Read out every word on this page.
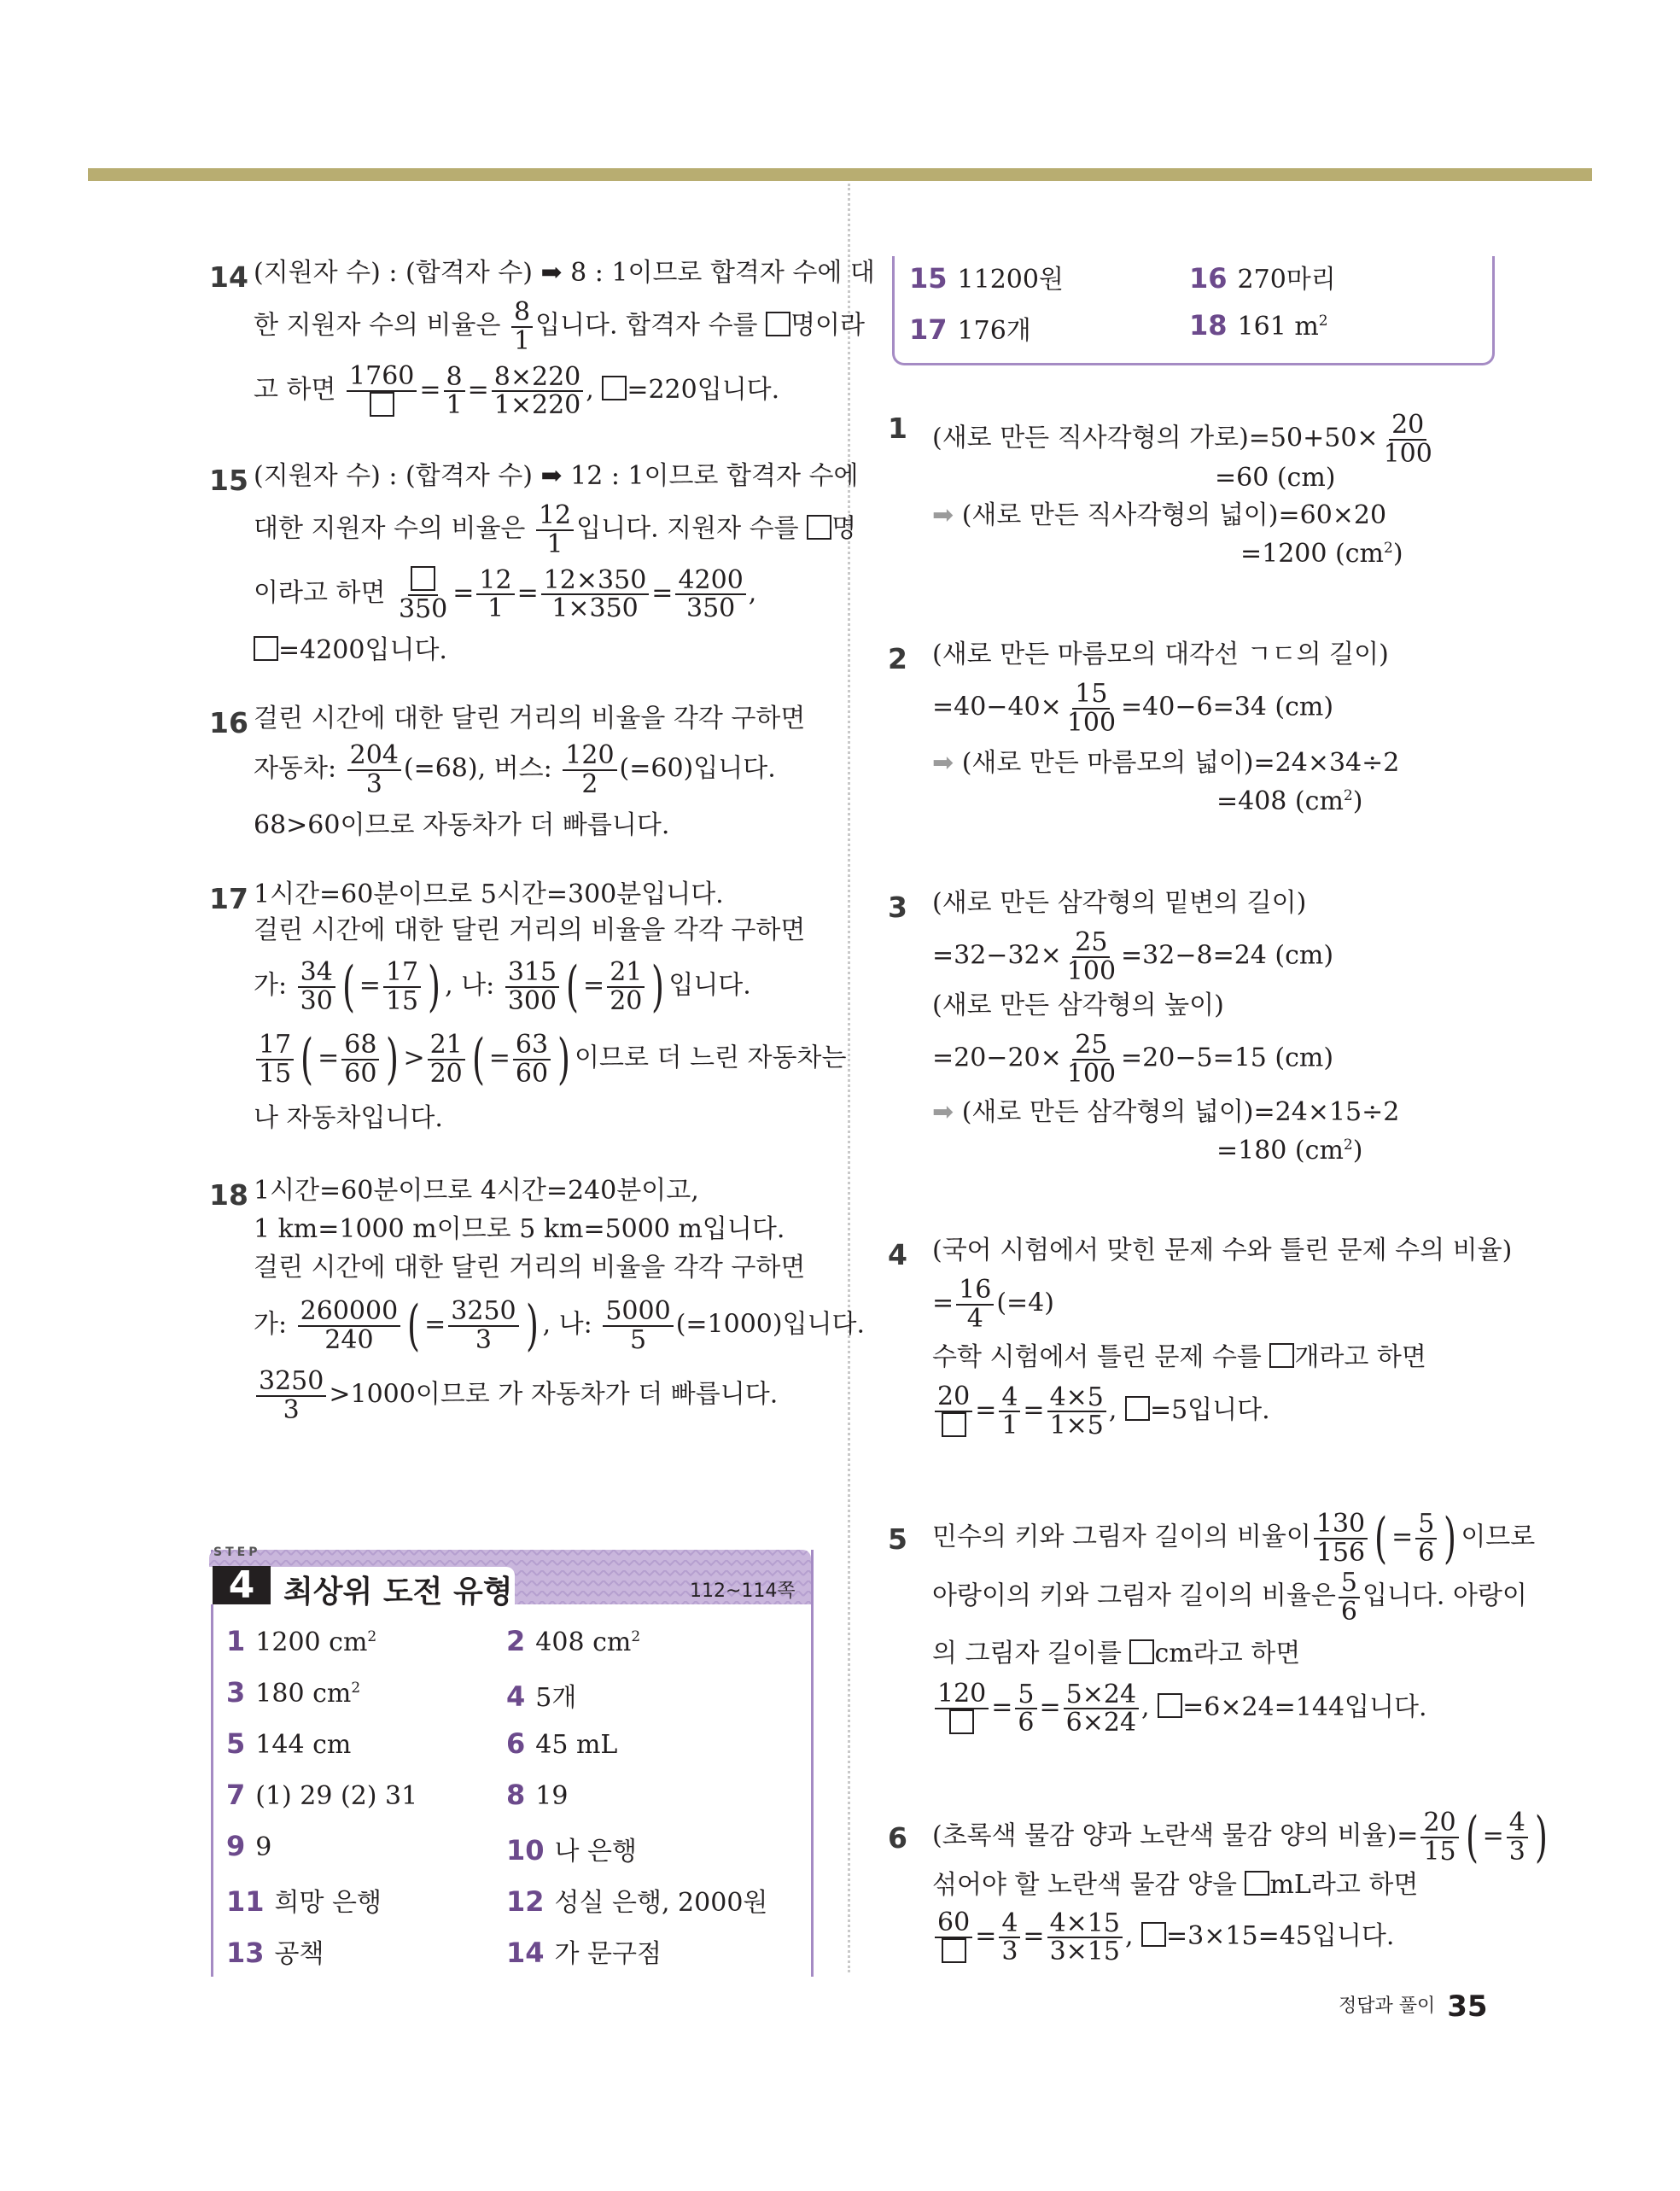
14 (지원자 수) : (합격자 수) ➡ 8 : 1이므로 합격자 수에 대
한 지원자 수의 비율은 $\frac{8}{1}$ 입니다. 합격자 수를 명이라
고 하면 $1760 = \frac{8}{1} = \frac{8\times 220}{1\times 220}$ , =220입니다.
15 (지원자 수) : (합격자 수) ➡ 12 : 1이므로 합격자 수에
대한 지원자 수의 비율은 $\frac{12}{1}$ 입니다. 지원자 수를 명
이라고 하면
350
= $\frac{12}{1} = \frac{12\times 350}{1\times 350} = \frac{4200}{350}$ ,
=4200입니다.
16 걸린 시간에 대한 달린 거리의 비율을 각각 구하면
자동차: $\frac{204}{3} (=68)$, 버스: $\frac{120}{2} (=60)$입니다.
68>60이므로 자동차가 더 빠릅니다.
17 1시간=60분이므로 5시간=300분입니다.
걸린 시간에 대한 달린 거리의 비율을 각각 구하면
가: $\frac{34}{30}$ ( = $\frac{17}{15}$ ) , 나: $\frac{315}{300}$ ( = $\frac{21}{20}$ ) 입니다.
$\frac{17}{15}$ ( = $\frac{68}{60}$ ) > $\frac{21}{20}$ ( = $\frac{63}{60}$ ) 이므로 더 느린 자동차는
나 자동차입니다.
18 1시간=60분이므로 4시간=240분이고,
1 km=1000 m이므로 5 km=5000 m입니다.
걸린 시간에 대한 달린 거리의 비율을 각각 구하면
가: $\frac{260000}{240}$ ( = $\frac{3250}{3}$ ) , 나: $\frac{5000}{5} (=1000)$입니다.
$\frac{3250}{3} >1000$이므로 가 자동차가 더 빠릅니다.
STEP
4 최상위 도전 유형	112~114쪽
1 1200 $cm^2$	2 408 $cm^2$
3 180 $cm^2$	4 5개
5 144 cm	6 45 mL
7 (1) 29 (2) 31	8 19
9 9	10 나 은행
11 희망 은행	12 성실 은행, 2000원
13 공책	14 가 문구점
15 11200원	16 270마리
17 176개	18 161 $m^2$
1 (새로 만든 직사각형의 가로)$=50+50\times \frac{20}{100}$
=60 (cm)
➡ (새로 만든 직사각형의 넓이)=60×20
=1200 $(cm^2)$
2 (새로 만든 마름모의 대각선 ㄱㄷ의 길이)
$=40-40\times \frac{15}{100} =40-6=34$ (cm)
➡ (새로 만든 마름모의 넓이)=24×34÷2
=408 $(cm^2)$
3 (새로 만든 삼각형의 밑변의 길이)
$=32-32\times \frac{25}{100} =32-8=24$ (cm)
(새로 만든 삼각형의 높이)
$=20-20\times \frac{25}{100} =20-5=15$ (cm)
➡ (새로 만든 삼각형의 넓이)=24×15÷2
=180 $(cm^2)$
4 (국어 시험에서 맞힌 문제 수와 틀린 문제 수의 비율)
= $\frac{16}{4} (=4)$
수학 시험에서 틀린 문제 수를 개라고 하면
$20 = \frac{4}{1} = \frac{4\times 5}{1\times 5}$ , =5입니다.
5 민수의 키와 그림자 길이의 비율이 $\frac{130}{156}$ ( = $\frac{5}{6}$ ) 이므로
아랑이의 키와 그림자 길이의 비율은 $\frac{5}{6}$ 입니다. 아랑이
의 그림자 길이를 cm라고 하면
$120 = \frac{5}{6} = \frac{5\times 24}{6\times 24}$ , =6×24=144입니다.
6 (초록색 물감 양과 노란색 물감 양의 비율)= $\frac{20}{15}$ ( = $\frac{4}{3}$ )
섞어야 할 노란색 물감 양을 mL라고 하면
$60 = \frac{4}{3} = \frac{4\times 15}{3\times 15}$ , =3×15=45입니다.
정답과 풀이 35
